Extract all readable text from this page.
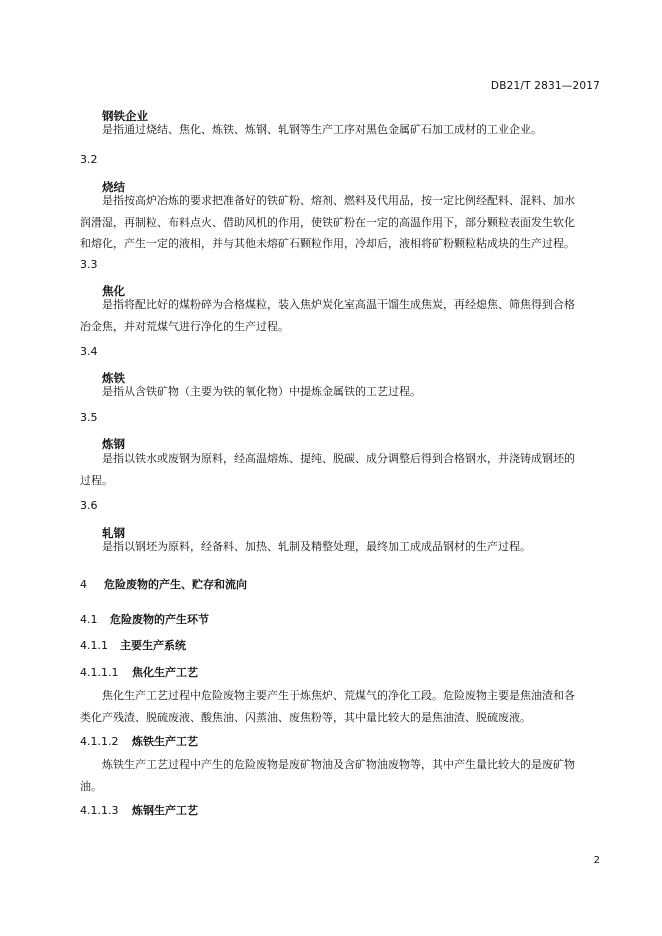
DB21/T 2831—2017
钢铁企业
是指通过烧结、焦化、炼铁、炼钢、轧钢等生产工序对黑色金属矿石加工成材的工业企业。
3.2
烧结
是指按高炉冶炼的要求把准备好的铁矿粉、熔剂、燃料及代用品，按一定比例经配料、混料、加水
润滑湿，再制粒、布料点火、借助风机的作用，使铁矿粉在一定的高温作用下，部分颗粒表面发生软化
和熔化，产生一定的液相，并与其他未熔矿石颗粒作用，冷却后，液相将矿粉颗粒粘成块的生产过程。
3.3
焦化
是指将配比好的煤粉碎为合格煤粒，装入焦炉炭化室高温干馏生成焦炭，再经熄焦、筛焦得到合格
冶金焦，并对荒煤气进行净化的生产过程。
3.4
炼铁
是指从含铁矿物（主要为铁的氧化物）中提炼金属铁的工艺过程。
3.5
炼钢
是指以铁水或废钢为原料，经高温熔炼、提纯、脱碳、成分调整后得到合格钢水，并浇铸成钢坯的
过程。
3.6
轧钢
是指以钢坯为原料，经备料、加热、轧制及精整处理，最终加工成成品钢材的生产过程。
4 危险废物的产生、贮存和流向
4.1 危险废物的产生环节
4.1.1 主要生产系统
4.1.1.1 焦化生产工艺
焦化生产工艺过程中危险废物主要产生于炼焦炉、荒煤气的净化工段。危险废物主要是焦油渣和各
类化产残渣、脱硫废液、酸焦油、闪蒸油、废焦粉等，其中量比较大的是焦油渣、脱硫废液。
4.1.1.2 炼铁生产工艺
炼铁生产工艺过程中产生的危险废物是废矿物油及含矿物油废物等，其中产生量比较大的是废矿物
油。
4.1.1.3 炼钢生产工艺
2
